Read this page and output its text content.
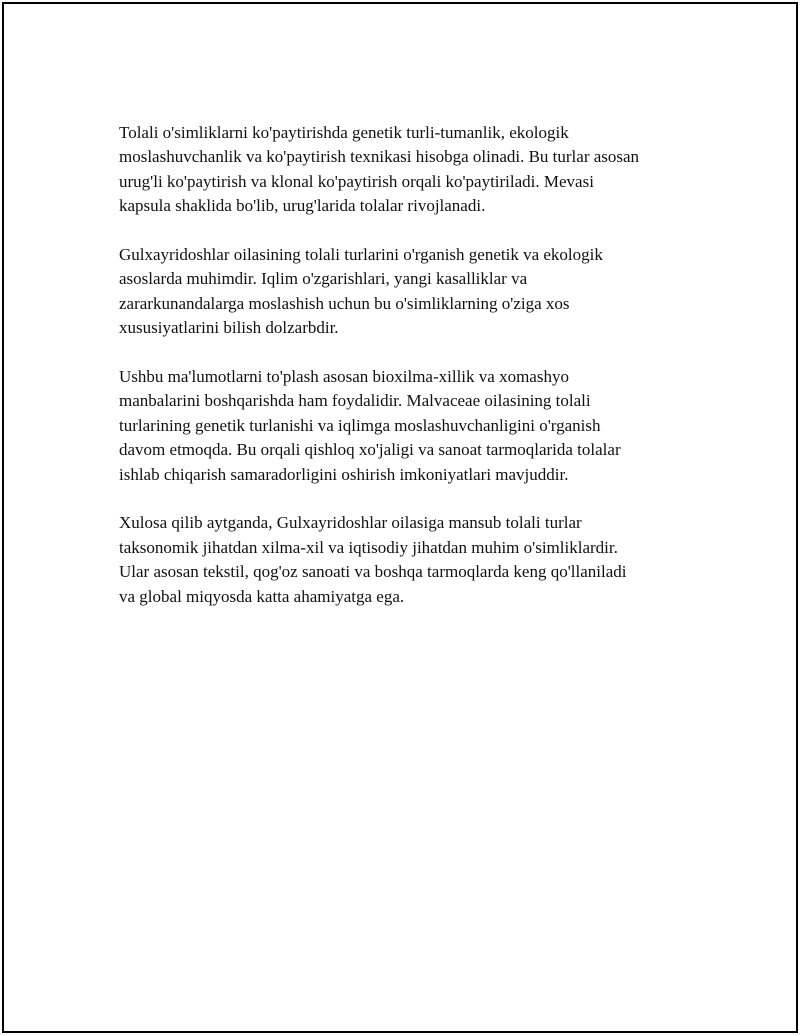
Tolali o'simliklarni ko'paytirishda genetik turli-tumanlik, ekologik
moslashuvchanlik va ko'paytirish texnikasi hisobga olinadi. Bu turlar asosan
urug'li ko'paytirish va klonal ko'paytirish orqali ko'paytiriladi. Mevasi
kapsula shaklida bo'lib, urug'larida tolalar rivojlanadi.

Gulxayridoshlar oilasining tolali turlarini o'rganish genetik va ekologik
asoslarda muhimdir. Iqlim o'zgarishlari, yangi kasalliklar va
zararkunandalarga moslashish uchun bu o'simliklarning o'ziga xos
xususiyatlarini bilish dolzarbdir.

Ushbu ma'lumotlarni to'plash asosan bioxilma-xillik va xomashyo
manbalarini boshqarishda ham foydalidir. Malvaceae oilasining tolali
turlarining genetik turlanishi va iqlimga moslashuvchanligini o'rganish
davom etmoqda. Bu orqali qishloq xo'jaligi va sanoat tarmoqlarida tolalar
ishlab chiqarish samaradorligini oshirish imkoniyatlari mavjuddir.

Xulosa qilib aytganda, Gulxayridoshlar oilasiga mansub tolali turlar
taksonomik jihatdan xilma-xil va iqtisodiy jihatdan muhim o'simliklardir.
Ular asosan tekstil, qog'oz sanoati va boshqa tarmoqlarda keng qo'llaniladi
va global miqyosda katta ahamiyatga ega.
